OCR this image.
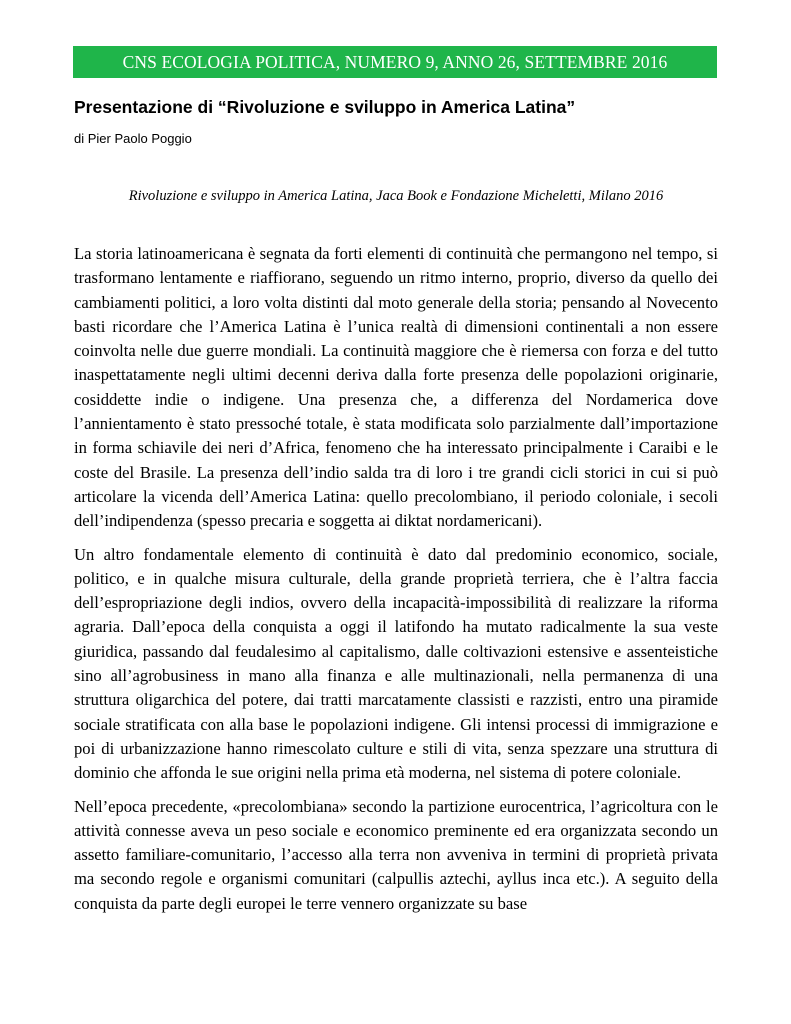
CNS ECOLOGIA POLITICA, NUMERO 9, ANNO 26, SETTEMBRE 2016
Presentazione di “Rivoluzione e sviluppo in America Latina”
di Pier Paolo Poggio
Rivoluzione e sviluppo in America Latina, Jaca Book e Fondazione Micheletti, Milano 2016

La storia latinoamericana è segnata da forti elementi di continuità che permangono nel tempo, si trasformano lentamente e riaffiorano, seguendo un ritmo interno, proprio, diverso da quello dei cambiamenti politici, a loro volta distinti dal moto generale della storia; pensando al Novecento basti ricordare che l’America Latina è l’unica realtà di dimensioni continentali a non essere coinvolta nelle due guerre mondiali. La continuità maggiore che è riemersa con forza e del tutto inaspettatamente negli ultimi decenni deriva dalla forte presenza delle popolazioni originarie, cosiddette indie o indigene. Una presenza che, a differenza del Nordamerica dove l’annientamento è stato pressoché totale, è stata modificata solo parzialmente dall’importazione in forma schiavile dei neri d’Africa, fenomeno che ha interessato principalmente i Caraibi e le coste del Brasile. La presenza dell’indio salda tra di loro i tre grandi cicli storici in cui si può articolare la vicenda dell’America Latina: quello precolombiano, il periodo coloniale, i secoli dell’indipendenza (spesso precaria e soggetta ai diktat nordamericani).

Un altro fondamentale elemento di continuità è dato dal predominio economico, sociale, politico, e in qualche misura culturale, della grande proprietà terriera, che è l’altra faccia dell’espropriazione degli indios, ovvero della incapacità-impossibilità di realizzare la riforma agraria. Dall’epoca della conquista a oggi il latifondo ha mutato radicalmente la sua veste giuridica, passando dal feudalesimo al capitalismo, dalle coltivazioni estensive e assenteistiche sino all’agrobusiness in mano alla finanza e alle multinazionali, nella permanenza di una struttura oligarchica del potere, dai tratti marcatamente classisti e razzisti, entro una piramide sociale stratificata con alla base le popolazioni indigene. Gli intensi processi di immigrazione e poi di urbanizzazione hanno rimescolato culture e stili di vita, senza spezzare una struttura di dominio che affonda le sue origini nella prima età moderna, nel sistema di potere coloniale.

Nell’epoca precedente, «precolombiana» secondo la partizione eurocentrica, l’agricoltura con le attività connesse aveva un peso sociale e economico preminente ed era organizzata secondo un assetto familiare-comunitario, l’accesso alla terra non avveniva in termini di proprietà privata ma secondo regole e organismi comunitari (calpullis aztechi, ayllus inca etc.). A seguito della conquista da parte degli europei le terre vennero organizzate su base
